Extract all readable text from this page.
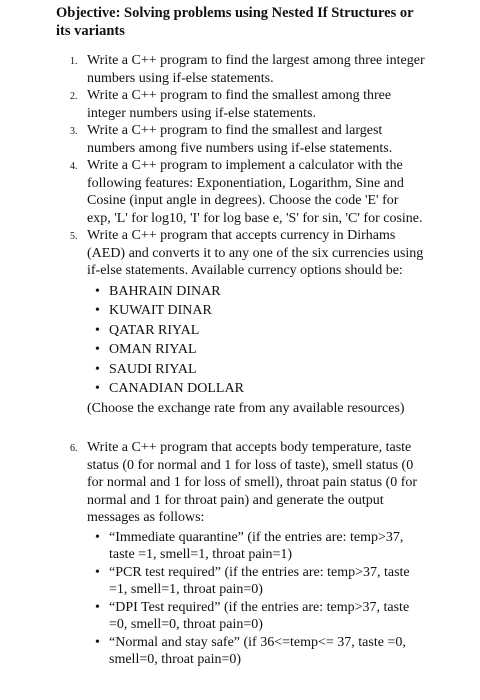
Objective: Solving problems using Nested If Structures or its variants
1. Write a C++ program to find the largest among three integer numbers using if-else statements.
2. Write a C++ program to find the smallest among three integer numbers using if-else statements.
3. Write a C++ program to find the smallest and largest numbers among five numbers using if-else statements.
4. Write a C++ program to implement a calculator with the following features: Exponentiation, Logarithm, Sine and Cosine (input angle in degrees). Choose the code 'E' for exp, 'L' for log10, 'I' for log base e, 'S' for sin, 'C' for cosine.
5. Write a C++ program that accepts currency in Dirhams (AED) and converts it to any one of the six currencies using if-else statements. Available currency options should be:
• BAHRAIN DINAR
• KUWAIT DINAR
• QATAR RIYAL
• OMAN RIYAL
• SAUDI RIYAL
• CANADIAN DOLLAR
(Choose the exchange rate from any available resources)
6. Write a C++ program that accepts body temperature, taste status (0 for normal and 1 for loss of taste), smell status (0 for normal and 1 for loss of smell), throat pain status (0 for normal and 1 for throat pain) and generate the output messages as follows:
• “Immediate quarantine” (if the entries are: temp>37, taste =1, smell=1, throat pain=1)
• “PCR test required” (if the entries are: temp>37, taste =1, smell=1, throat pain=0)
• “DPI Test required” (if the entries are: temp>37, taste =0, smell=0, throat pain=0)
• “Normal and stay safe” (if 36<=temp<= 37, taste =0, smell=0, throat pain=0)
